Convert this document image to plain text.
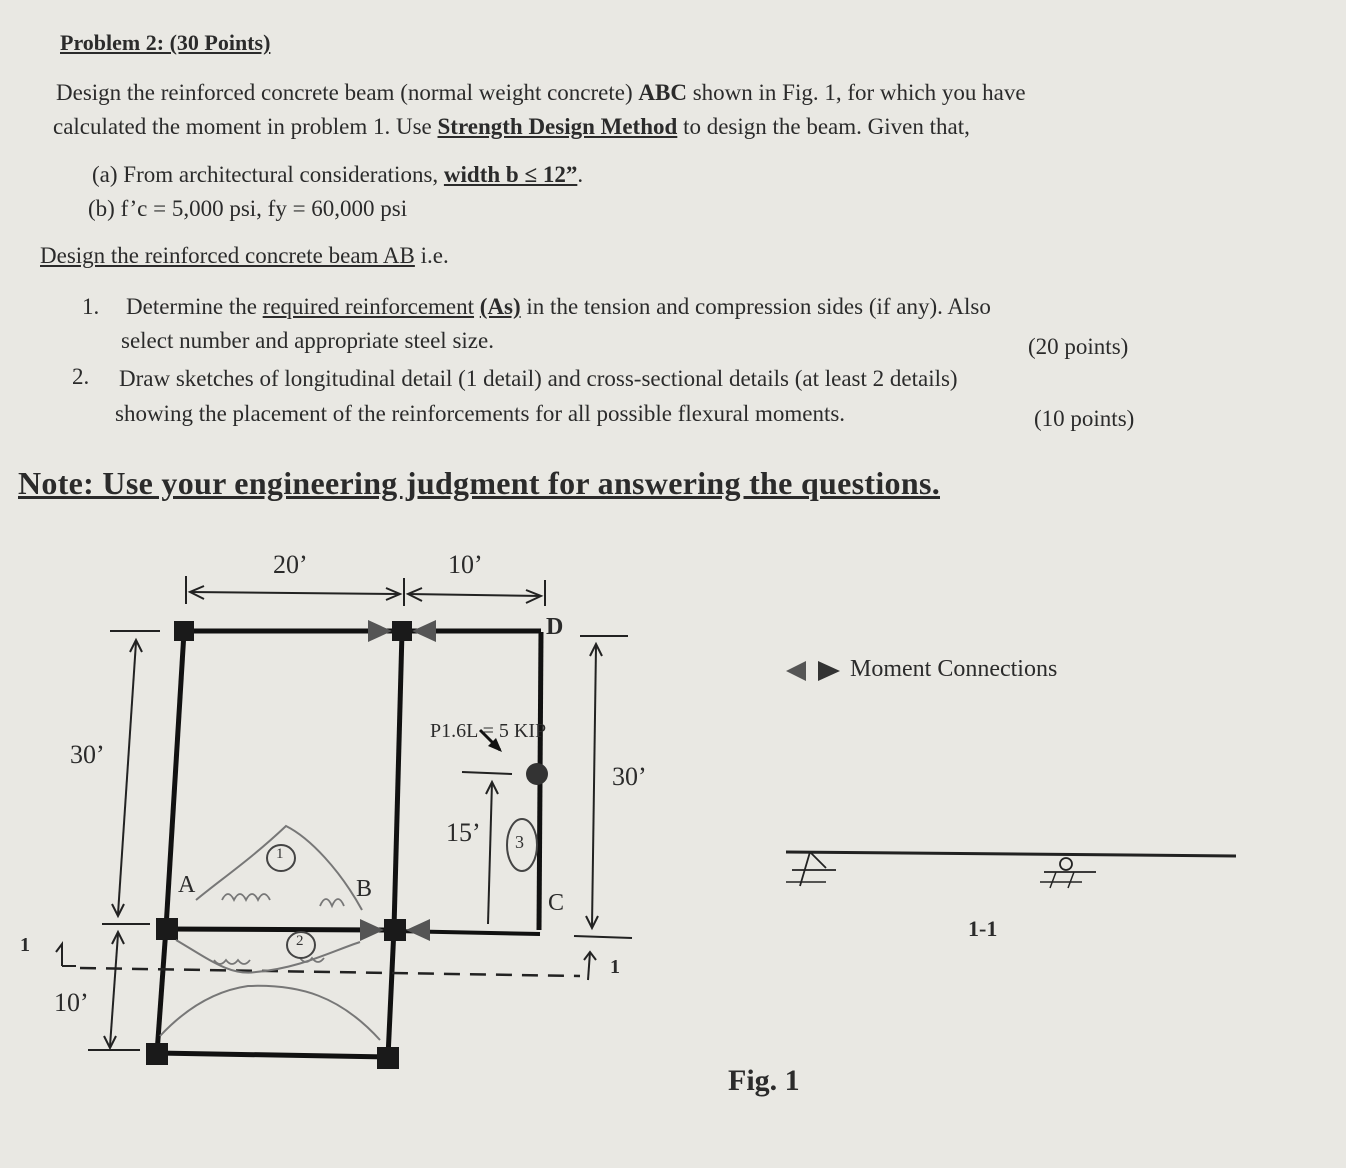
Problem 2: (30 Points)
Design the reinforced concrete beam (normal weight concrete) ABC shown in Fig. 1, for which you have
calculated the moment in problem 1. Use Strength Design Method to design the beam. Given that,
(a) From architectural considerations, width b ≤ 12”.
(b) f’c = 5,000 psi, fy = 60,000 psi
Design the reinforced concrete beam AB i.e.
1. Determine the required reinforcement (As) in the tension and compression sides (if any). Also
select number and appropriate steel size.	(20 points)
2. Draw sketches of longitudinal detail (1 detail) and cross-sectional details (at least 2 details)
showing the placement of the reinforcements for all possible flexural moments.	(10 points)
Note: Use your engineering judgment for answering the questions.
20’	10’
30’
30’
10’
15’
P1.6L = 5 KIP
A	B
C
D
1
1
1
2
3
Moment Connections
1-1
Fig. 1
